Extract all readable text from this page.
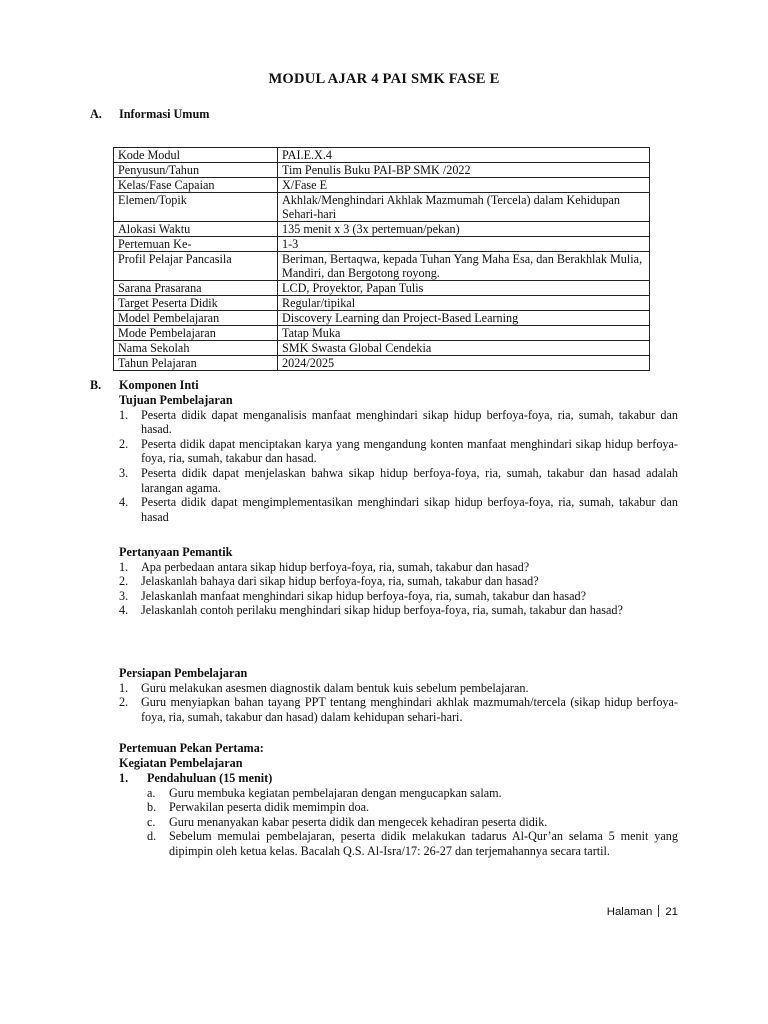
MODUL AJAR 4 PAI SMK FASE E
A. Informasi Umum
Kode Modul	PAI.E.X.4
Penyusun/Tahun	Tim Penulis Buku PAI-BP SMK /2022
Kelas/Fase Capaian	X/Fase E
Elemen/Topik	Akhlak/Menghindari Akhlak Mazmumah (Tercela) dalam Kehidupan Sehari-hari
Alokasi Waktu	135 menit x 3 (3x pertemuan/pekan)
Pertemuan Ke-	1-3
Profil Pelajar Pancasila	Beriman, Bertaqwa, kepada Tuhan Yang Maha Esa, dan Berakhlak Mulia, Mandiri, dan Bergotong royong.
Sarana Prasarana	LCD, Proyektor, Papan Tulis
Target Peserta Didik	Regular/tipikal
Model Pembelajaran	Discovery Learning dan Project-Based Learning
Mode Pembelajaran	Tatap Muka
Nama Sekolah	SMK Swasta Global Cendekia
Tahun Pelajaran	2024/2025
B. Komponen Inti
Tujuan Pembelajaran
1. Peserta didik dapat menganalisis manfaat menghindari sikap hidup berfoya-foya, ria, sumah, takabur dan hasad.
2. Peserta didik dapat menciptakan karya yang mengandung konten manfaat menghindari sikap hidup berfoya-foya, ria, sumah, takabur dan hasad.
3. Peserta didik dapat menjelaskan bahwa sikap hidup berfoya-foya, ria, sumah, takabur dan hasad adalah larangan agama.
4. Peserta didik dapat mengimplementasikan menghindari sikap hidup berfoya-foya, ria, sumah, takabur dan hasad
Pertanyaan Pemantik
1. Apa perbedaan antara sikap hidup berfoya-foya, ria, sumah, takabur dan hasad?
2. Jelaskanlah bahaya dari sikap hidup berfoya-foya, ria, sumah, takabur dan hasad?
3. Jelaskanlah manfaat menghindari sikap hidup berfoya-foya, ria, sumah, takabur dan hasad?
4. Jelaskanlah contoh perilaku menghindari sikap hidup berfoya-foya, ria, sumah, takabur dan hasad?
Persiapan Pembelajaran
1. Guru melakukan asesmen diagnostik dalam bentuk kuis sebelum pembelajaran.
2. Guru menyiapkan bahan tayang PPT tentang menghindari akhlak mazmumah/tercela (sikap hidup berfoya-foya, ria, sumah, takabur dan hasad) dalam kehidupan sehari-hari.
Pertemuan Pekan Pertama:
Kegiatan Pembelajaran
1. Pendahuluan (15 menit)
a. Guru membuka kegiatan pembelajaran dengan mengucapkan salam.
b. Perwakilan peserta didik memimpin doa.
c. Guru menanyakan kabar peserta didik dan mengecek kehadiran peserta didik.
d. Sebelum memulai pembelajaran, peserta didik melakukan tadarus Al-Qur’an selama 5 menit yang dipimpin oleh ketua kelas. Bacalah Q.S. Al-Isra/17: 26-27 dan terjemahannya secara tartil.
Halaman 21
